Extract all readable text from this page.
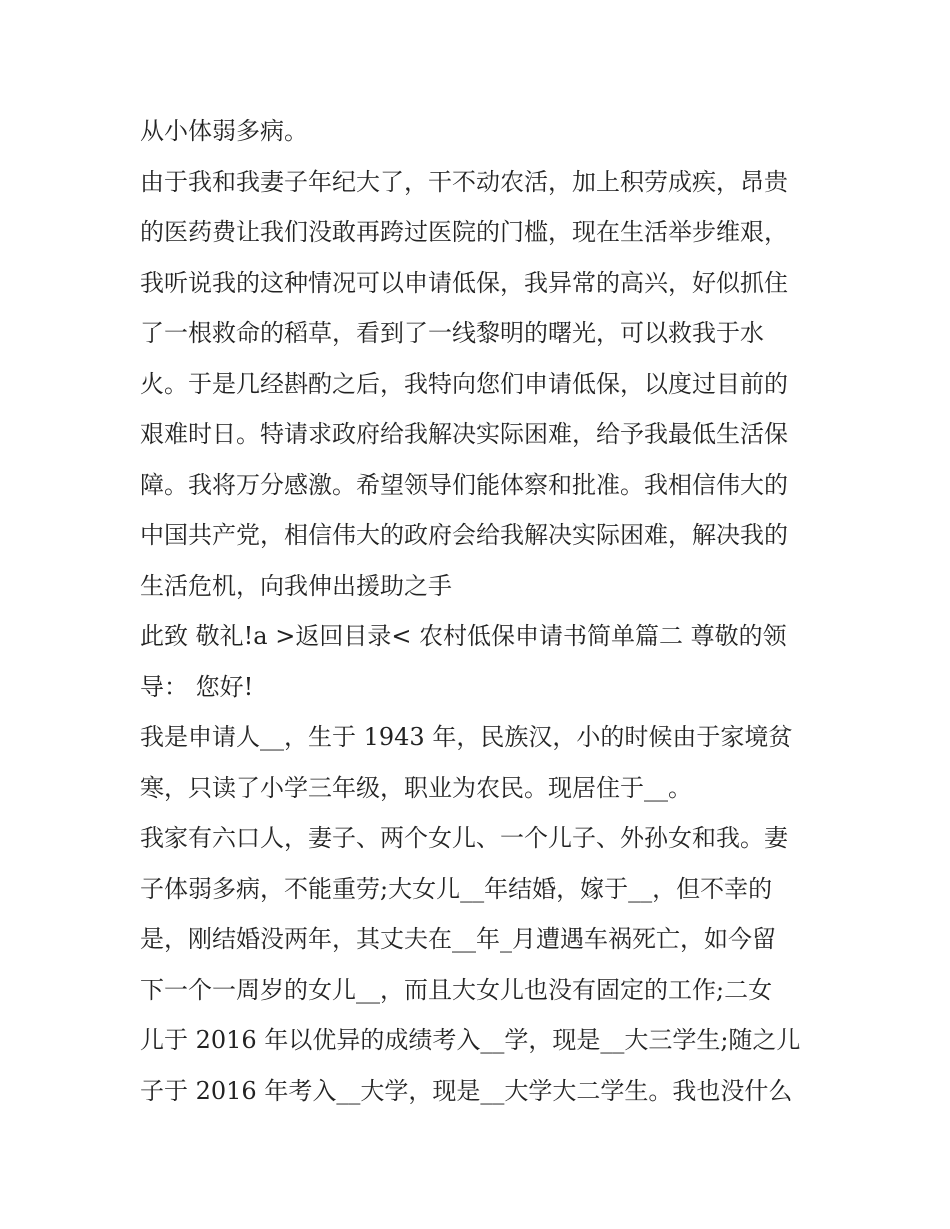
从小体弱多病。
由于我和我妻子年纪大了，干不动农活，加上积劳成疾，昂贵
的医药费让我们没敢再跨过医院的门槛，现在生活举步维艰，
我听说我的这种情况可以申请低保，我异常的高兴，好似抓住
了一根救命的稻草，看到了一线黎明的曙光，可以救我于水
火。于是几经斟酌之后，我特向您们申请低保，以度过目前的
艰难时日。特请求政府给我解决实际困难，给予我最低生活保
障。我将万分感激。希望领导们能体察和批准。我相信伟大的
中国共产党，相信伟大的政府会给我解决实际困难，解决我的
生活危机，向我伸出援助之手
此致 敬礼!a >返回目录< 农村低保申请书简单篇二 尊敬的领
导： 您好!
我是申请人__，生于 1943 年，民族汉，小的时候由于家境贫
寒，只读了小学三年级，职业为农民。现居住于__。
我家有六口人，妻子、两个女儿、一个儿子、外孙女和我。妻
子体弱多病，不能重劳;大女儿__年结婚，嫁于__，但不幸的
是，刚结婚没两年，其丈夫在__年_月遭遇车祸死亡，如今留
下一个一周岁的女儿__，而且大女儿也没有固定的工作;二女
儿于 2016 年以优异的成绩考入__学，现是__大三学生;随之儿
子于 2016 年考入__大学，现是__大学大二学生。我也没什么
